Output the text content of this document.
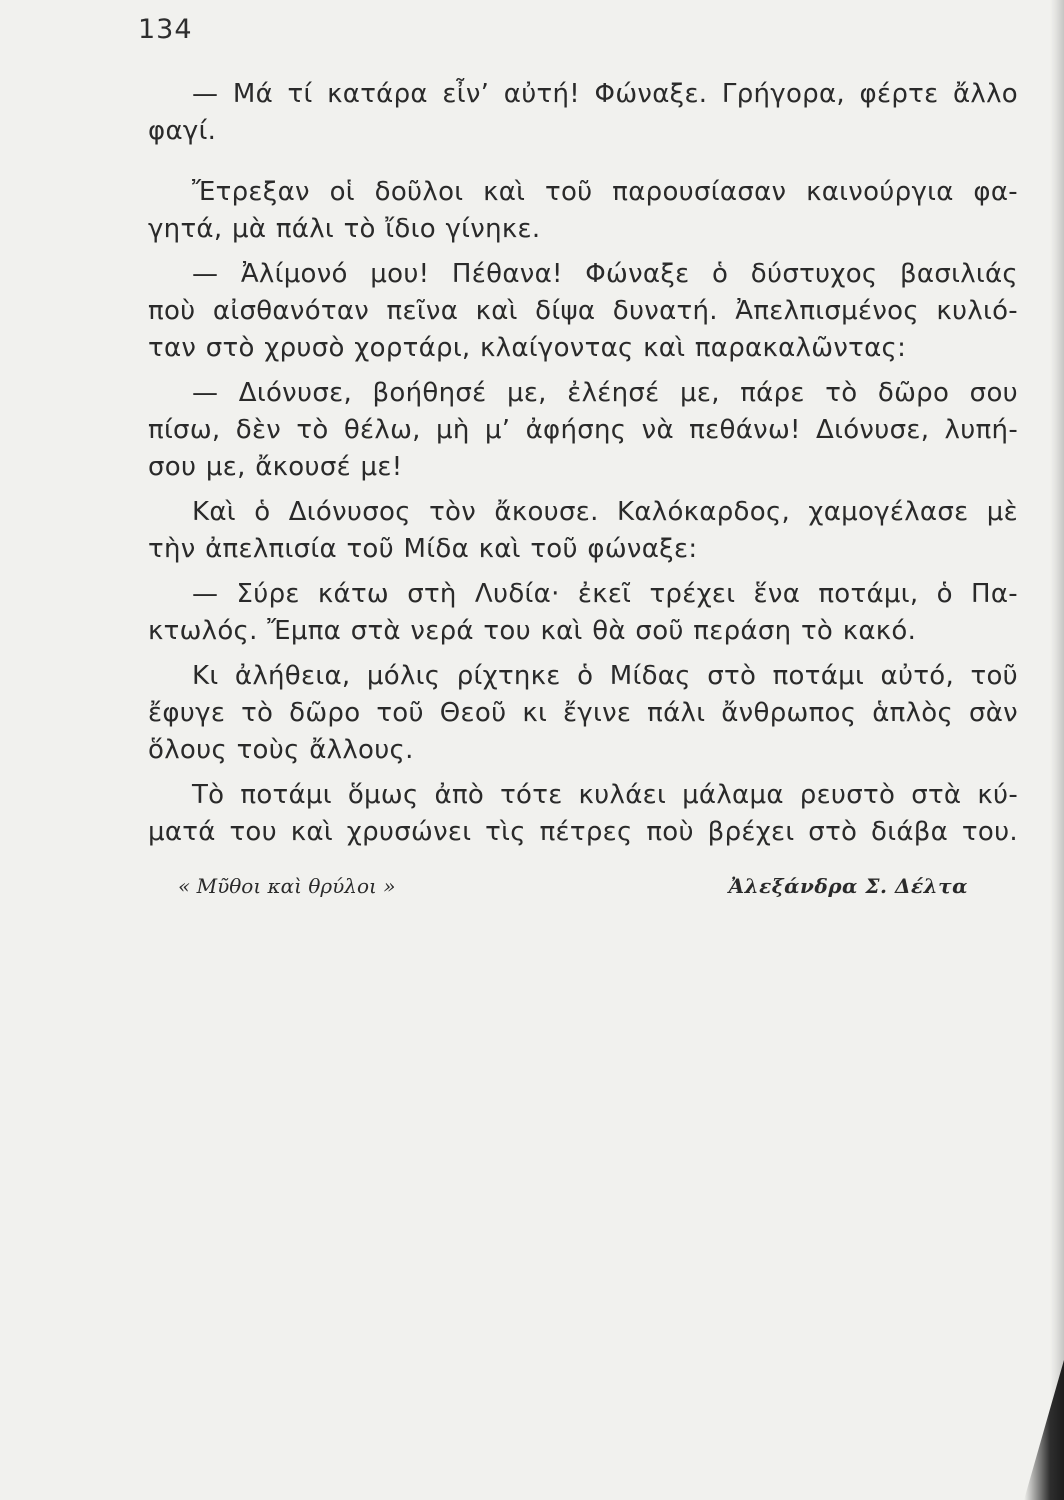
134
— Μά τί κατάρα εἶν’ αὐτή! Φώναξε. Γρήγορα, φέρτε ἄλλο
φαγί.
Ἔτρεξαν οἱ δοῦλοι καὶ τοῦ παρουσίασαν καινούργια φα-
γητά, μὰ πάλι τὸ ἴδιο γίνηκε.
— Ἀλίμονό μου! Πέθανα! Φώναξε ὁ δύστυχος βασιλιάς
ποὺ αἰσθανόταν πεῖνα καὶ δίψα δυνατή. Ἀπελπισμένος κυλιό-
ταν στὸ χρυσὸ χορτάρι, κλαίγοντας καὶ παρακαλῶντας:
— Διόνυσε, βοήθησέ με, ἐλέησέ με, πάρε τὸ δῶρο σου
πίσω, δὲν τὸ θέλω, μὴ μ’ ἀφήσης νὰ πεθάνω! Διόνυσε, λυπή-
σου με, ἄκουσέ με!
Καὶ ὁ Διόνυσος τὸν ἄκουσε. Καλόκαρδος, χαμογέλασε μὲ
τὴν ἀπελπισία τοῦ Μίδα καὶ τοῦ φώναξε:
— Σύρε κάτω στὴ Λυδία· ἐκεῖ τρέχει ἕνα ποτάμι, ὁ Πα-
κτωλός. Ἔμπα στὰ νερά του καὶ θὰ σοῦ περάση τὸ κακό.
Κι ἀλήθεια, μόλις ρίχτηκε ὁ Μίδας στὸ ποτάμι αὐτό, τοῦ
ἔφυγε τὸ δῶρο τοῦ Θεοῦ κι ἔγινε πάλι ἄνθρωπος ἁπλὸς σὰν
ὅλους τοὺς ἄλλους.
Τὸ ποτάμι ὅμως ἀπὸ τότε κυλάει μάλαμα ρευστὸ στὰ κύ-
ματά του καὶ χρυσώνει τὶς πέτρες ποὺ βρέχει στὸ διάβα του.
« Μῦθοι καὶ θρύλοι »	Ἀλεξάνδρα Σ. Δέλτα
